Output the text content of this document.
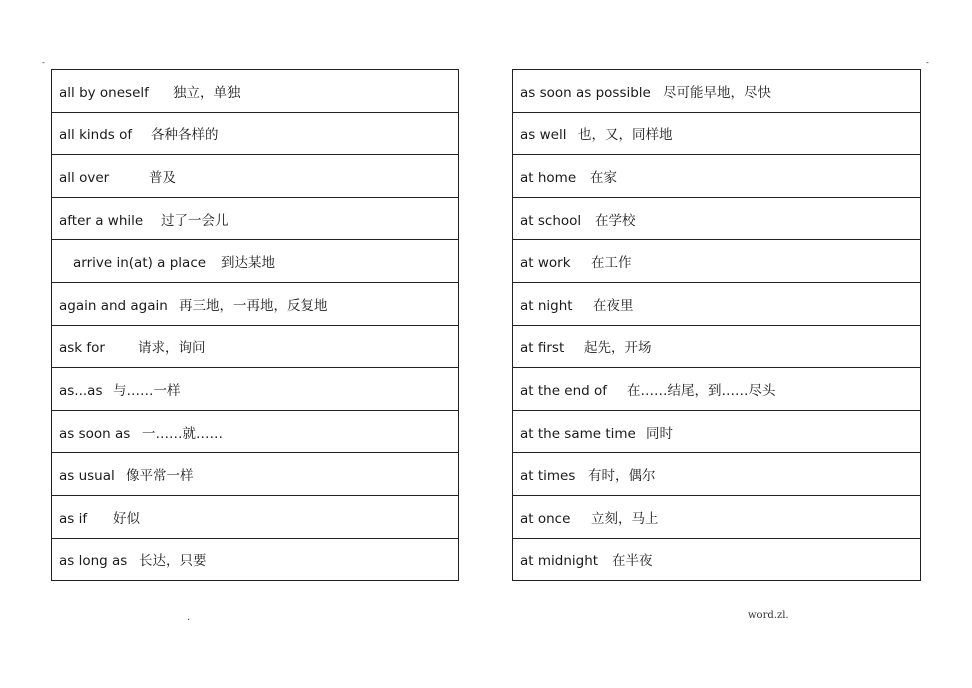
-	-
all by oneself 独立，单独
all kinds of 各种各样的
all over	普及
after a while 过了一会儿
arrive in(at) a place 到达某地
again and again 再三地，一再地，反复地
ask for 请求，询问
as...as 与……一样
as soon as 一……就……
as usual 像平常一样
as if 好似
as long as 长达，只要
as soon as possible 尽可能早地，尽快
as well 也，又，同样地
at home 在家
at school 在学校
at work 在工作
at night 在夜里
at first 起先，开场
at the end of 在……结尾，到……尽头
at the same time 同时
at times 有时，偶尔
at once 立刻，马上
at midnight 在半夜
.	word.zl.
